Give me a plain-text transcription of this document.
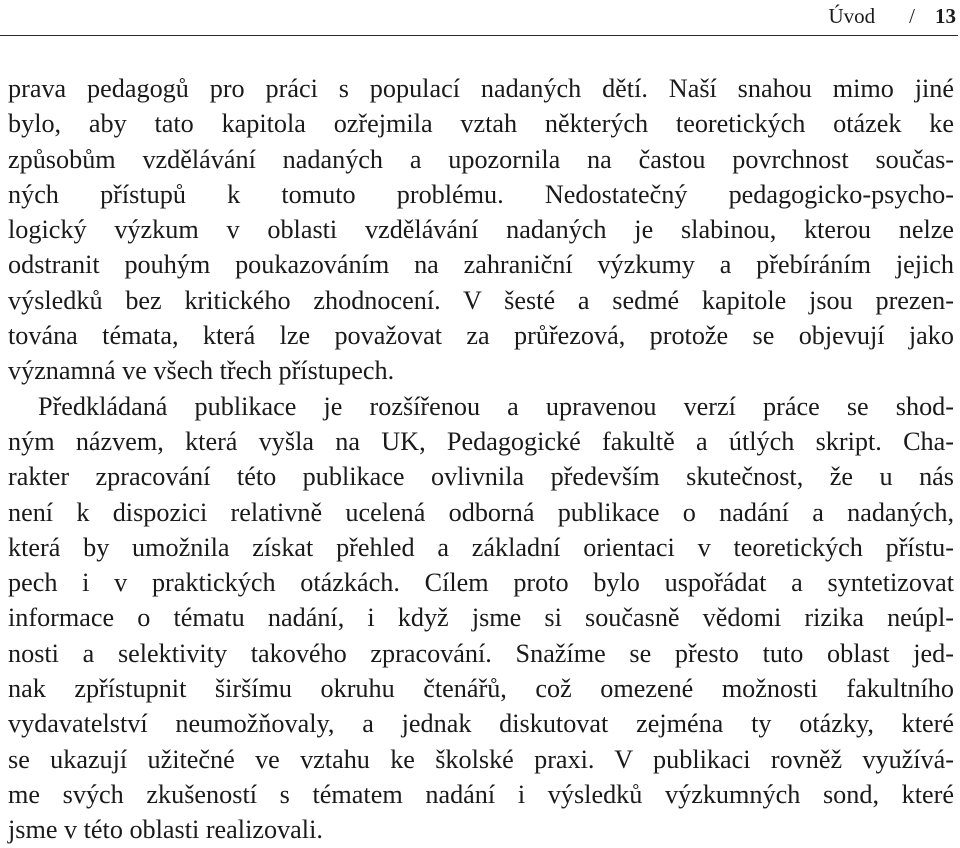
Úvod / 13
prava pedagogů pro práci s populací nadaných dětí. Naší snahou mimo jiné
bylo, aby tato kapitola ozřejmila vztah některých teoretických otázek ke
způsobům vzdělávání nadaných a upozornila na častou povrchnost součas-
ných přístupů k tomuto problému. Nedostatečný pedagogicko-psycho-
logický výzkum v oblasti vzdělávání nadaných je slabinou, kterou nelze
odstranit pouhým poukazováním na zahraniční výzkumy a přebíráním jejich
výsledků bez kritického zhodnocení. V šesté a sedmé kapitole jsou prezen-
tována témata, která lze považovat za průřezová, protože se objevují jako
významná ve všech třech přístupech.
Předkládaná publikace je rozšířenou a upravenou verzí práce se shod-
ným názvem, která vyšla na UK, Pedagogické fakultě a útlých skript. Cha-
rakter zpracování této publikace ovlivnila především skutečnost, že u nás
není k dispozici relativně ucelená odborná publikace o nadání a nadaných,
která by umožnila získat přehled a základní orientaci v teoretických přístu-
pech i v praktických otázkách. Cílem proto bylo uspořádat a syntetizovat
informace o tématu nadání, i když jsme si současně vědomi rizika neúpl-
nosti a selektivity takového zpracování. Snažíme se přesto tuto oblast jed-
nak zpřístupnit širšímu okruhu čtenářů, což omezené možnosti fakultního
vydavatelství neumožňovaly, a jednak diskutovat zejména ty otázky, které
se ukazují užitečné ve vztahu ke školské praxi. V publikaci rovněž využívá-
me svých zkušeností s tématem nadání i výsledků výzkumných sond, které
jsme v této oblasti realizovali.
